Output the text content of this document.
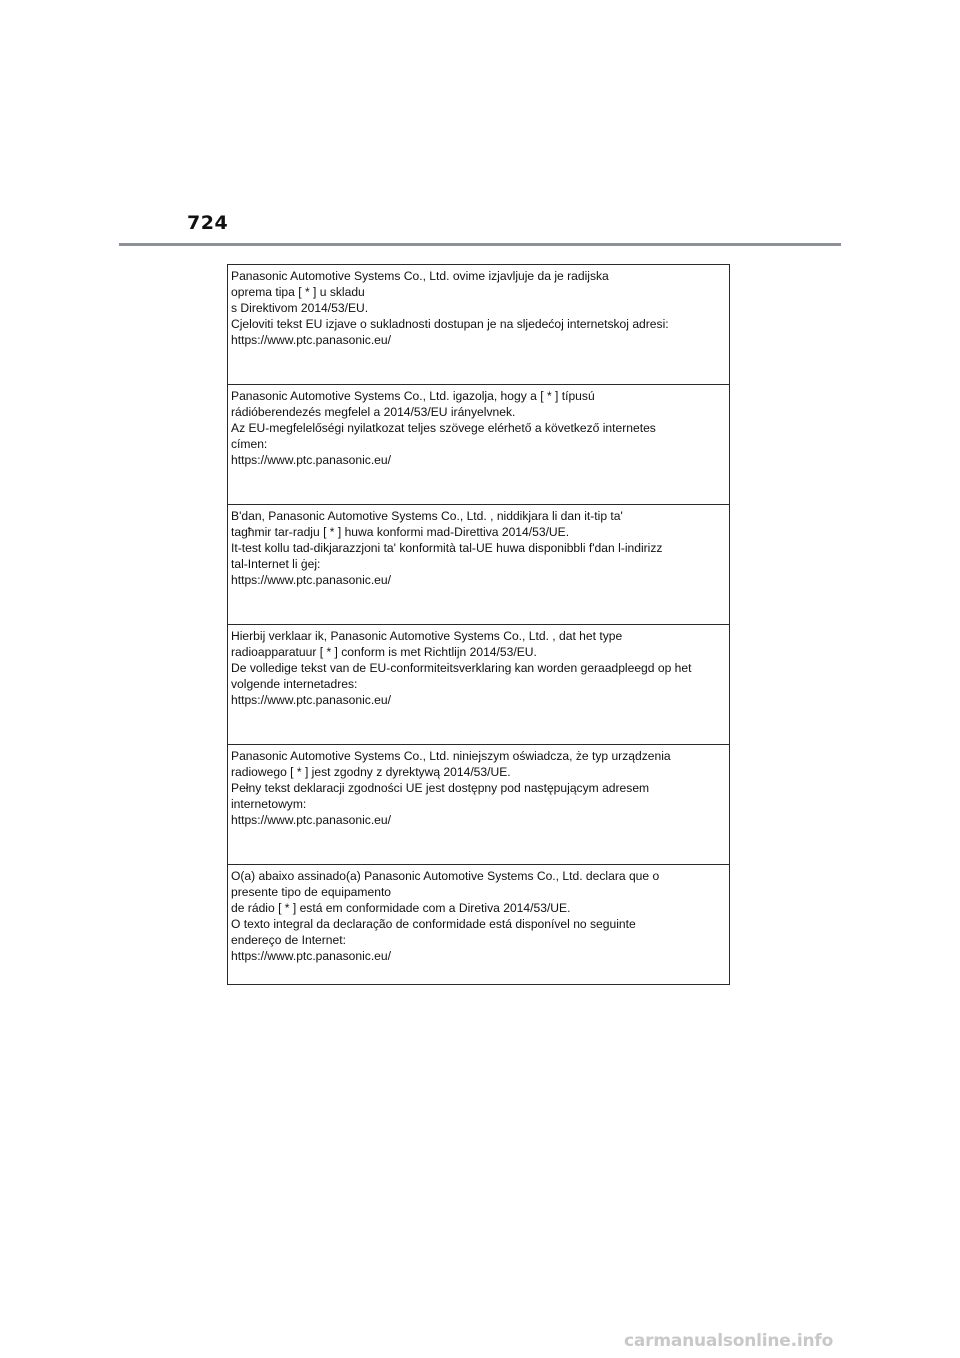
724
Panasonic Automotive Systems Co., Ltd. ovime izjavljuje da je radijska
oprema tipa [ * ] u skladu
s Direktivom 2014/53/EU.
Cjeloviti tekst EU izjave o sukladnosti dostupan je na sljedećoj internetskoj adresi:
https://www.ptc.panasonic.eu/
Panasonic Automotive Systems Co., Ltd. igazolja, hogy a [ * ] típusú
rádióberendezés megfelel a 2014/53/EU irányelvnek.
Az EU-megfelelőségi nyilatkozat teljes szövege elérhető a következő internetes
címen:
https://www.ptc.panasonic.eu/
B'dan, Panasonic Automotive Systems Co., Ltd. , niddikjara li dan it-tip ta'
tagħmir tar-radju [ * ] huwa konformi mad-Direttiva 2014/53/UE.
It-test kollu tad-dikjarazzjoni ta' konformità tal-UE huwa disponibbli f'dan l-indirizz
tal-Internet li ġej:
https://www.ptc.panasonic.eu/
Hierbij verklaar ik, Panasonic Automotive Systems Co., Ltd. , dat het type
radioapparatuur [ * ] conform is met Richtlijn 2014/53/EU.
De volledige tekst van de EU-conformiteitsverklaring kan worden geraadpleegd op het
volgende internetadres:
https://www.ptc.panasonic.eu/
Panasonic Automotive Systems Co., Ltd. niniejszym oświadcza, że typ urządzenia
radiowego [ * ] jest zgodny z dyrektywą 2014/53/UE.
Pełny tekst deklaracji zgodności UE jest dostępny pod następującym adresem
internetowym:
https://www.ptc.panasonic.eu/
O(a) abaixo assinado(a) Panasonic Automotive Systems Co., Ltd. declara que o
presente tipo de equipamento
de rádio [ * ] está em conformidade com a Diretiva 2014/53/UE.
O texto integral da declaração de conformidade está disponível no seguinte
endereço de Internet:
https://www.ptc.panasonic.eu/
carmanualsonline.info
